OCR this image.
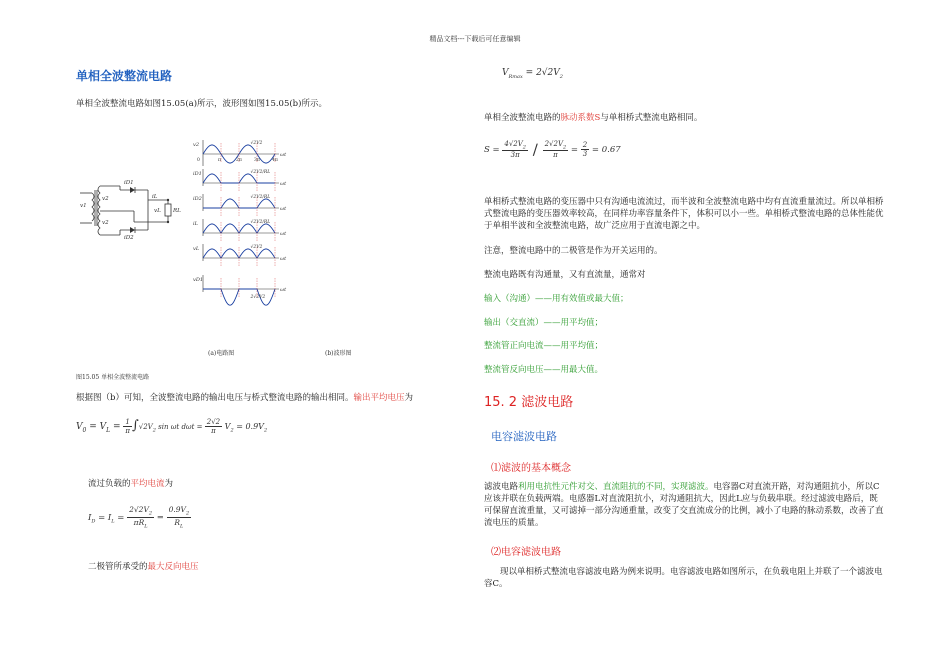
精品文档---下载后可任意编辑
单相全波整流电路
单相全波整流电路如图15.05(a)所示，波形图如图15.05(b)所示。
iD1
iD2
v1
v2
v2
iL
vL RL
v2
ωt
√2V2
0	π	2π	3π	4π
iD1
ωt
√2V2/RL
iD2
ωt
√2V2/RL
iL
ωt
√2V2/RL
vL
ωt
√2V2
vD1
ωt
2√2V2
(a)电路图	(b)波形图
图15.05 单相全波整流电路
根据图（b）可知，全波整流电路的输出电压与桥式整流电路的输出相同。输出平均电压为
$V_0 = V_L = \frac{1}{\pi} \int√2V_2$ sin ωt $d\omega t = \frac{2√2}{\pi} V_2 = 0.9V_2$
流过负载的平均电流为
$I_D = I_L = \frac{2√2V_2}{\pi R_L} = \frac{0.9V_2}{R_L}$
二极管所承受的最大反向电压
$V_{Rmax} = 2√2V_2$
单相全波整流电路的脉动系数S与单相桥式整流电路相同。
$S = \frac{4√2V_2}{3\pi}$ ∕ $\frac{2√2V_2}{\pi} = \frac{2}{3} = 0.67$
单相桥式整流电路的变压器中只有沟通电流流过，而半波和全波整流电路中均有直流重量流过。所以单相桥式整流电路的变压器效率较高，在同样功率容量条件下，体积可以小一些。单相桥式整流电路的总体性能优于单相半波和全波整流电路，故广泛应用于直流电源之中。
注意，整流电路中的二极管是作为开关运用的。
整流电路既有沟通量，又有直流量，通常对
输入（沟通）——用有效值或最大值；
输出（交直流）——用平均值；
整流管正向电流——用平均值；
整流管反向电压——用最大值。
15. 2 滤波电路
电容滤波电路
⑴滤波的基本概念
滤波电路利用电抗性元件对交、直流阻抗的不同，实现滤波。电容器C对直流开路，对沟通阻抗小，所以C应该并联在负载两端。电感器L对直流阻抗小，对沟通阻抗大，因此L应与负载串联。经过滤波电路后，既可保留直流重量，又可滤掉一部分沟通重量，改变了交直流成分的比例，减小了电路的脉动系数，改善了直流电压的质量。
⑵电容滤波电路
现以单相桥式整流电容滤波电路为例来说明。电容滤波电路如图所示，在负载电阻上并联了一个滤波电容C。
